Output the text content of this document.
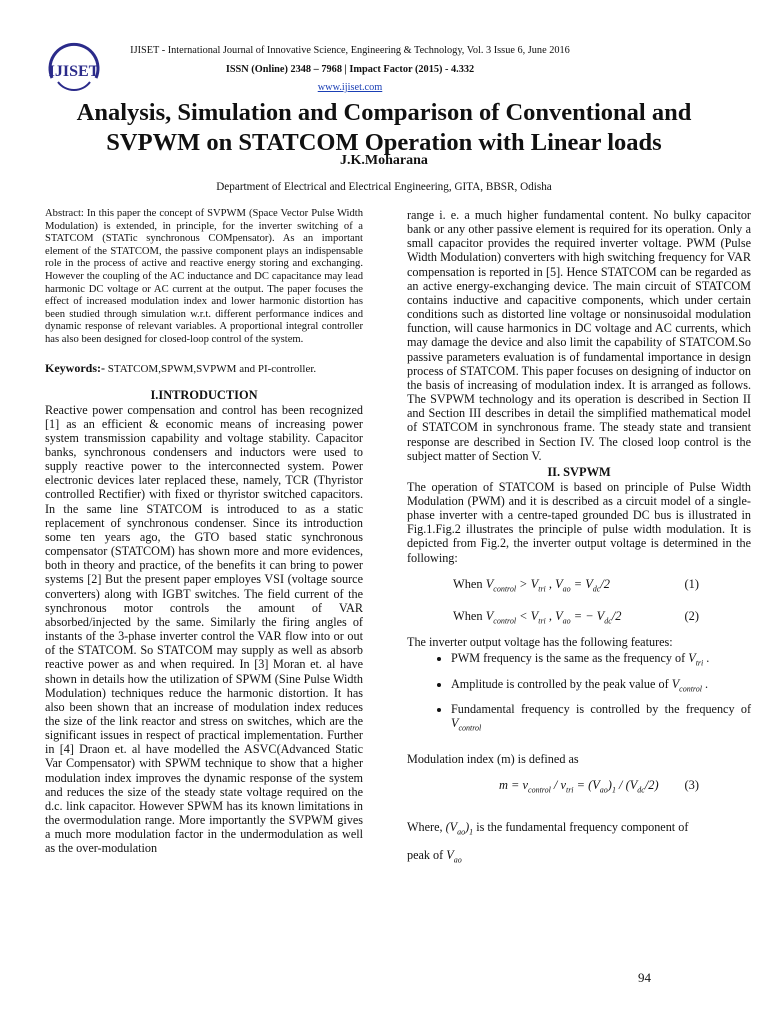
IJISET
IJISET - International Journal of Innovative Science, Engineering & Technology, Vol. 3 Issue 6, June 2016
ISSN (Online) 2348 – 7968 | Impact Factor (2015) - 4.332
www.ijiset.com
Analysis, Simulation and Comparison of Conventional and
SVPWM on STATCOM Operation with Linear loads
J.K.Moharana
Department of Electrical and Electrical Engineering, GITA, BBSR, Odisha

Abstract: In this paper the concept of SVPWM (Space Vector Pulse Width Modulation) is extended, in principle, for the inverter switching of a STATCOM (STATic synchronous COMpensator). As an important element of the STATCOM, the passive component plays an indispensable role in the process of active and reactive energy storing and exchanging. However the coupling of the AC inductance and DC capacitance may lead harmonic DC voltage or AC current at the output. The paper focuses the effect of increased modulation index and lower harmonic distortion has been studied through simulation w.r.t. different performance indices and dynamic response of relevant variables. A proportional integral controller has also been designed for closed-loop control of the system.

Keywords:- STATCOM,SPWM,SVPWM and PI-controller.

I.INTRODUCTION

Reactive power compensation and control has been recognized [1] as an efficient & economic means of increasing power system transmission capability and voltage stability. Capacitor banks, synchronous condensers and inductors were used to supply reactive power to the interconnected system. Power electronic devices later replaced these, namely, TCR (Thyristor controlled Rectifier) with fixed or thyristor switched capacitors. In the same line STATCOM is introduced to as a static replacement of synchronous condenser. Since its introduction some ten years ago, the GTO based static synchronous compensator (STATCOM) has shown more and more evidences, both in theory and practice, of the benefits it can bring to power systems [2] But the present paper employes VSI (voltage source converters) along with IGBT switches. The field current of the synchronous motor controls the amount of VAR absorbed/injected by the same. Similarly the firing angles of instants of the 3-phase inverter control the VAR flow into or out of the STATCOM. So STATCOM may supply as well as absorb reactive power as and when required. In [3] Moran et. al have shown in details how the utilization of SPWM (Sine Pulse Width Modulation) techniques reduce the harmonic distortion. It has also been shown that an increase of modulation index reduces the size of the link reactor and stress on switches, which are the significant issues in respect of practical implementation. Further in [4] Draon et. al have modelled the ASVC(Advanced Static Var Compensator) with SPWM technique to show that a higher modulation index improves the dynamic response of the system and reduces the size of the steady state voltage required on the d.c. link capacitor. However SPWM has its known limitations in the overmodulation range. More importantly the SVPWM gives a much more modulation factor in the undermodulation as well as the over-modulation

range i. e. a much higher fundamental content. No bulky capacitor bank or any other passive element is required for its operation. Only a small capacitor provides the required inverter voltage. PWM (Pulse Width Modulation) converters with high switching frequency for VAR compensation is reported in [5]. Hence STATCOM can be regarded as an active energy-exchanging device. The main circuit of STATCOM contains inductive and capacitive components, which under certain conditions such as distorted line voltage or nonsinusoidal modulation function, will cause harmonics in DC voltage and AC currents, which may damage the device and also limit the capability of STATCOM.So passive parameters evaluation is of fundamental importance in design process of STATCOM. This paper focuses on designing of inductor on the basis of increasing of modulation index. It is arranged as follows. The SVPWM technology and its operation is described in Section II and Section III describes in detail the simplified mathematical model of STATCOM in synchronous frame. The steady state and transient response are described in Section IV. The closed loop control is the subject matter of Section V.

II. SVPWM

The operation of STATCOM is based on principle of Pulse Width Modulation (PWM) and it is described as a circuit model of a single-phase inverter with a centre-taped grounded DC bus is illustrated in Fig.1.Fig.2 illustrates the principle of pulse width modulation. It is depicted from Fig.2, the inverter output voltage is determined in the following:

When $V_{control} > V_{tri}$ , $V_{ao} = V_{dc}/2$	(1)
When $V_{control} < V_{tri}$ , $V_{ao}$ = − $V_{dc}/2$	(2)

The inverter output voltage has the following features:

• PWM frequency is the same as the frequency of $V_{tri}$ .
• Amplitude is controlled by the peak value of $V_{control}$ .
• Fundamental frequency is controlled by the frequency of $V_{control}$

Modulation index (m) is defined as

$m = v_{control} / v_{tri} = (V_{ao})_1 / (V_{dc}/2)$ (3)

Where, $(V_{ao})_1$ is the fundamental frequency component of
peak of $V_{ao}$

94
